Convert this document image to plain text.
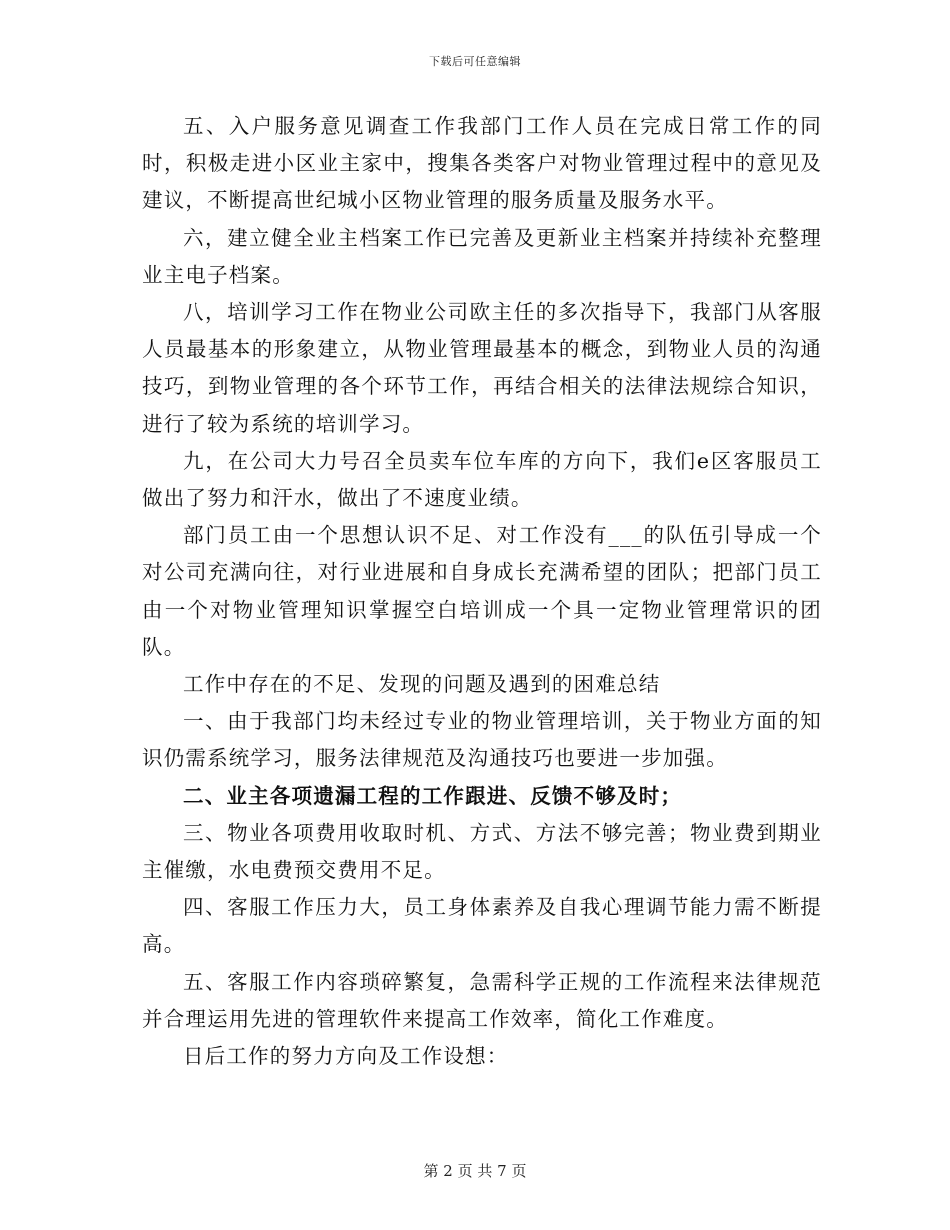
下载后可任意编辑

五、入户服务意见调查工作我部门工作人员在完成日常工作的同时，积极走进小区业主家中，搜集各类客户对物业管理过程中的意见及建议，不断提高世纪城小区物业管理的服务质量及服务水平。

六，建立健全业主档案工作已完善及更新业主档案并持续补充整理业主电子档案。

八，培训学习工作在物业公司欧主任的多次指导下，我部门从客服人员最基本的形象建立，从物业管理最基本的概念，到物业人员的沟通技巧，到物业管理的各个环节工作，再结合相关的法律法规综合知识，进行了较为系统的培训学习。

九，在公司大力号召全员卖车位车库的方向下，我们e区客服员工做出了努力和汗水，做出了不速度业绩。

部门员工由一个思想认识不足、对工作没有___的队伍引导成一个对公司充满向往，对行业进展和自身成长充满希望的团队；把部门员工由一个对物业管理知识掌握空白培训成一个具一定物业管理常识的团队。

工作中存在的不足、发现的问题及遇到的困难总结

一、由于我部门均未经过专业的物业管理培训，关于物业方面的知识仍需系统学习，服务法律规范及沟通技巧也要进一步加强。

二、业主各项遗漏工程的工作跟进、反馈不够及时；

三、物业各项费用收取时机、方式、方法不够完善；物业费到期业主催缴，水电费预交费用不足。

四、客服工作压力大，员工身体素养及自我心理调节能力需不断提高。

五、客服工作内容琐碎繁复，急需科学正规的工作流程来法律规范并合理运用先进的管理软件来提高工作效率，简化工作难度。

日后工作的努力方向及工作设想：

第 2 页 共 7 页
